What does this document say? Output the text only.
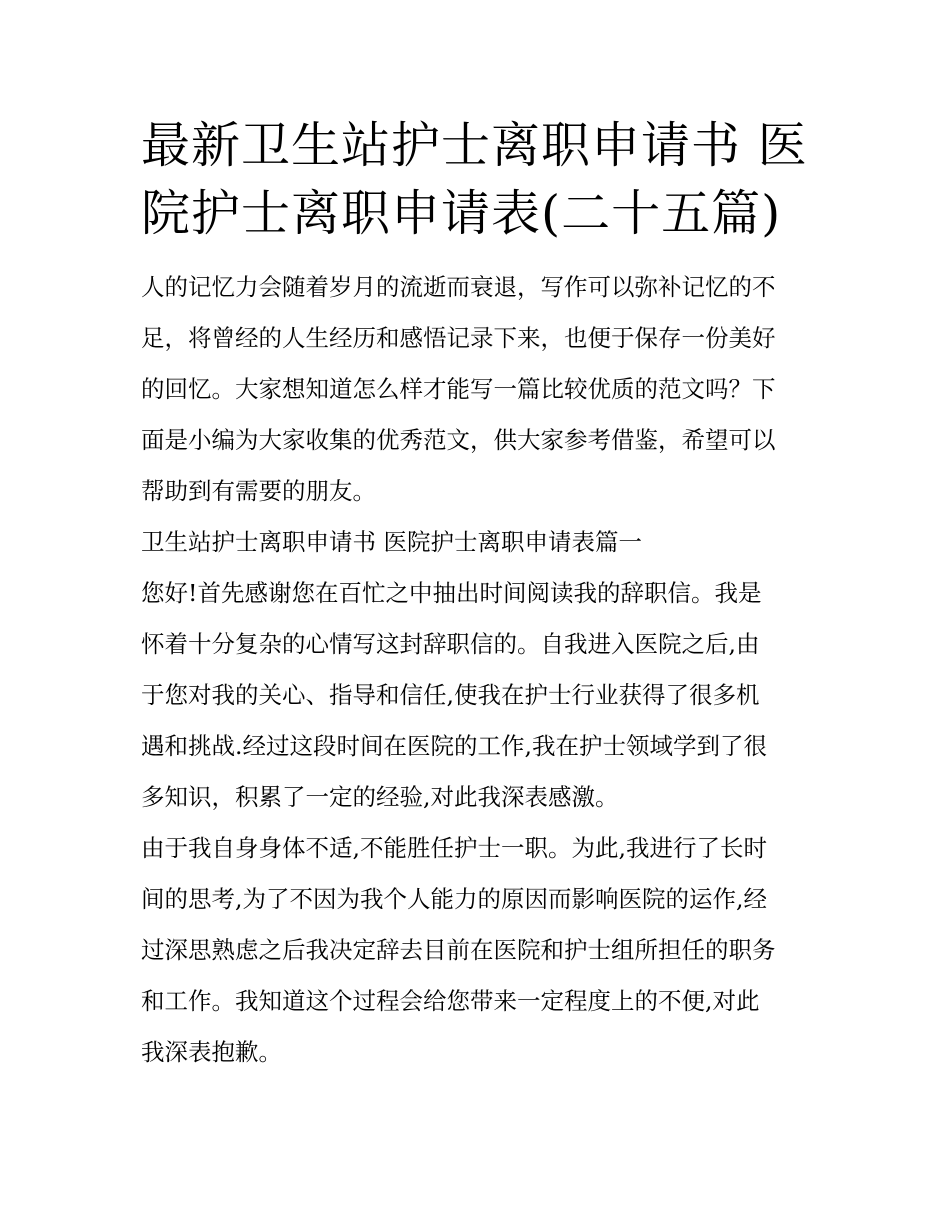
最新卫生站护士离职申请书 医
院护士离职申请表(二十五篇)
人的记忆力会随着岁月的流逝而衰退，写作可以弥补记忆的不
足，将曾经的人生经历和感悟记录下来，也便于保存一份美好
的回忆。大家想知道怎么样才能写一篇比较优质的范文吗？下
面是小编为大家收集的优秀范文，供大家参考借鉴，希望可以
帮助到有需要的朋友。
卫生站护士离职申请书 医院护士离职申请表篇一
您好!首先感谢您在百忙之中抽出时间阅读我的辞职信。我是
怀着十分复杂的心情写这封辞职信的。自我进入医院之后,由
于您对我的关心、指导和信任,使我在护士行业获得了很多机
遇和挑战.经过这段时间在医院的工作,我在护士领域学到了很
多知识，积累了一定的经验,对此我深表感激。
由于我自身身体不适,不能胜任护士一职。为此,我进行了长时
间的思考,为了不因为我个人能力的原因而影响医院的运作,经
过深思熟虑之后我决定辞去目前在医院和护士组所担任的职务
和工作。我知道这个过程会给您带来一定程度上的不便,对此
我深表抱歉。
